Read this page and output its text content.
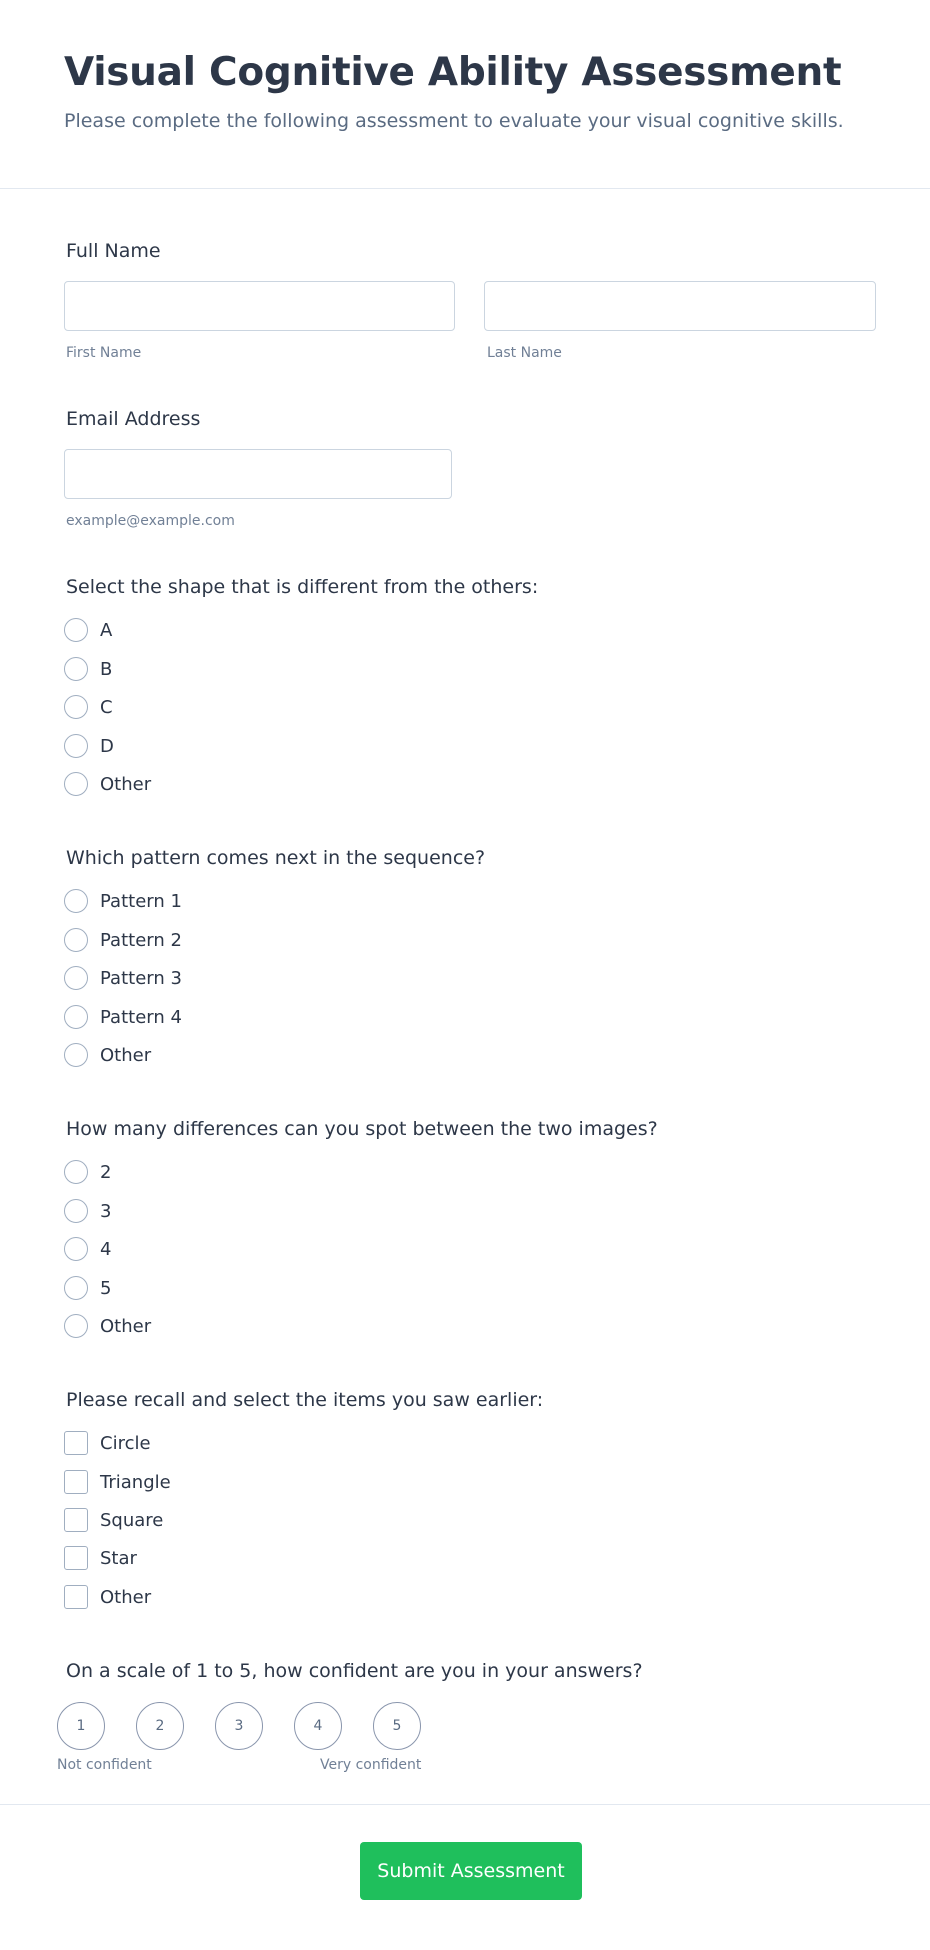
Visual Cognitive Ability Assessment
Please complete the following assessment to evaluate your visual cognitive skills.
Full Name
First Name	Last Name
Email Address
example@example.com
Select the shape that is different from the others:
A
B
C
D
Other
Which pattern comes next in the sequence?
Pattern 1
Pattern 2
Pattern 3
Pattern 4
Other
How many differences can you spot between the two images?
2
3
4
5
Other
Please recall and select the items you saw earlier:
Circle
Triangle
Square
Star
Other
On a scale of 1 to 5, how confident are you in your answers?
1	2	3	4	5
Not confident	Very confident
Submit Assessment
